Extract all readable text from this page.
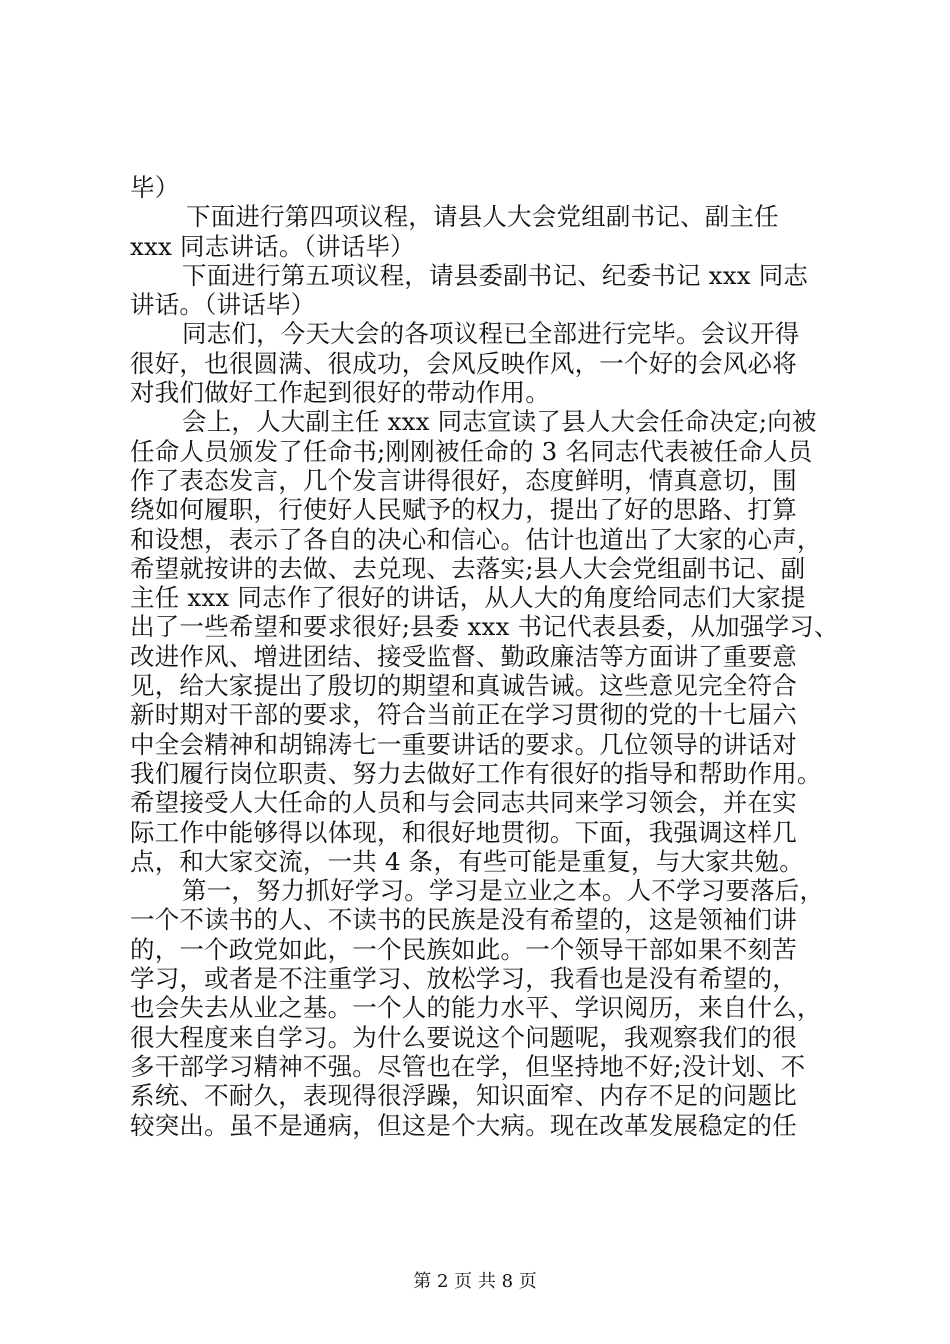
毕）
下面进行第四项议程，请县人大会党组副书记、副主任
xxx 同志讲话。（讲话毕）
下面进行第五项议程，请县委副书记、纪委书记 xxx 同志
讲话。（讲话毕）
同志们，今天大会的各项议程已全部进行完毕。会议开得
很好，也很圆满、很成功，会风反映作风，一个好的会风必将
对我们做好工作起到很好的带动作用。
会上，人大副主任 xxx 同志宣读了县人大会任命决定;向被
任命人员颁发了任命书;刚刚被任命的 3 名同志代表被任命人员
作了表态发言，几个发言讲得很好，态度鲜明，情真意切，围
绕如何履职，行使好人民赋予的权力，提出了好的思路、打算
和设想，表示了各自的决心和信心。估计也道出了大家的心声，
希望就按讲的去做、去兑现、去落实;县人大会党组副书记、副
主任 xxx 同志作了很好的讲话，从人大的角度给同志们大家提
出了一些希望和要求很好;县委 xxx 书记代表县委，从加强学习、
改进作风、增进团结、接受监督、勤政廉洁等方面讲了重要意
见，给大家提出了殷切的期望和真诚告诫。这些意见完全符合
新时期对干部的要求，符合当前正在学习贯彻的党的十七届六
中全会精神和胡锦涛七一重要讲话的要求。几位领导的讲话对
我们履行岗位职责、努力去做好工作有很好的指导和帮助作用。
希望接受人大任命的人员和与会同志共同来学习领会，并在实
际工作中能够得以体现，和很好地贯彻。下面，我强调这样几
点，和大家交流，一共 4 条，有些可能是重复，与大家共勉。
第一，努力抓好学习。学习是立业之本。人不学习要落后，
一个不读书的人、不读书的民族是没有希望的，这是领袖们讲
的，一个政党如此，一个民族如此。一个领导干部如果不刻苦
学习，或者是不注重学习、放松学习，我看也是没有希望的，
也会失去从业之基。一个人的能力水平、学识阅历，来自什么，
很大程度来自学习。为什么要说这个问题呢，我观察我们的很
多干部学习精神不强。尽管也在学，但坚持地不好;没计划、不
系统、不耐久，表现得很浮躁，知识面窄、内存不足的问题比
较突出。虽不是通病，但这是个大病。现在改革发展稳定的任
第 2 页 共 8 页
